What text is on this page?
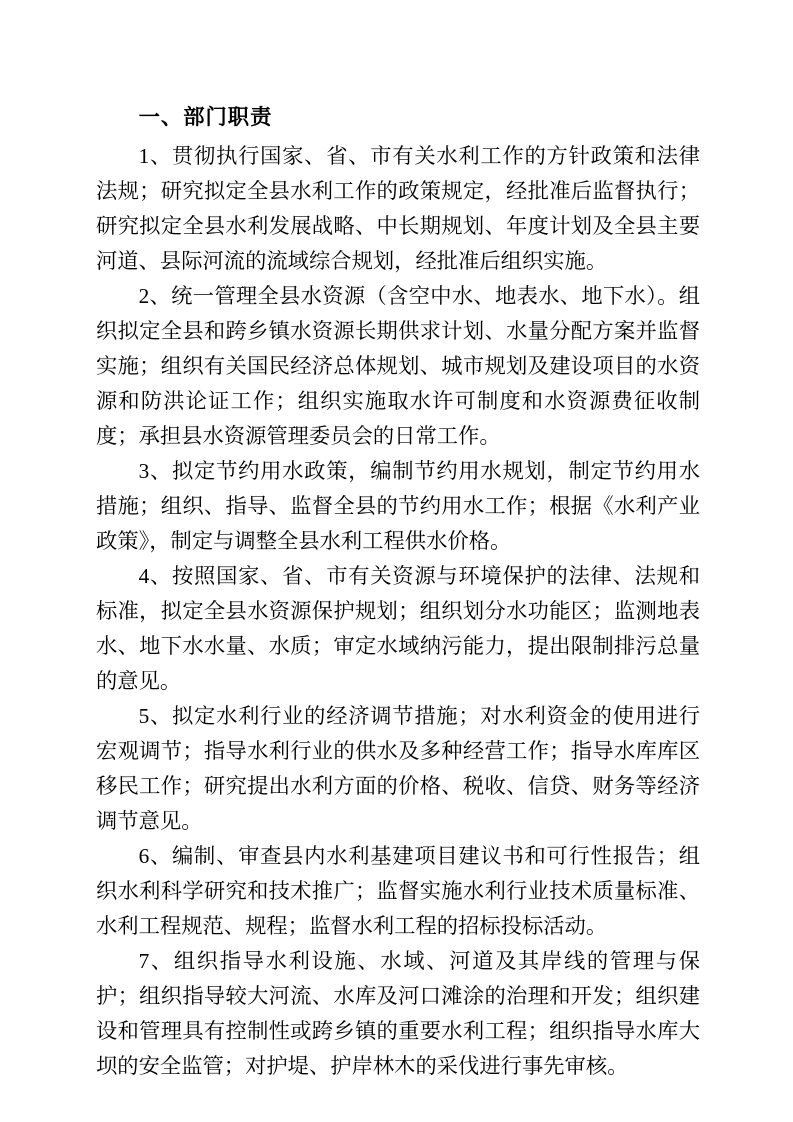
一、部门职责

1、贯彻执行国家、省、市有关水利工作的方针政策和法律法规；研究拟定全县水利工作的政策规定，经批准后监督执行；研究拟定全县水利发展战略、中长期规划、年度计划及全县主要河道、县际河流的流域综合规划，经批准后组织实施。

2、统一管理全县水资源（含空中水、地表水、地下水）。组织拟定全县和跨乡镇水资源长期供求计划、水量分配方案并监督实施；组织有关国民经济总体规划、城市规划及建设项目的水资源和防洪论证工作；组织实施取水许可制度和水资源费征收制度；承担县水资源管理委员会的日常工作。

3、拟定节约用水政策，编制节约用水规划，制定节约用水措施；组织、指导、监督全县的节约用水工作；根据《水利产业政策》，制定与调整全县水利工程供水价格。

4、按照国家、省、市有关资源与环境保护的法律、法规和标准，拟定全县水资源保护规划；组织划分水功能区；监测地表水、地下水水量、水质；审定水域纳污能力，提出限制排污总量的意见。

5、拟定水利行业的经济调节措施；对水利资金的使用进行宏观调节；指导水利行业的供水及多种经营工作；指导水库库区移民工作；研究提出水利方面的价格、税收、信贷、财务等经济调节意见。

6、编制、审查县内水利基建项目建议书和可行性报告；组织水利科学研究和技术推广；监督实施水利行业技术质量标准、水利工程规范、规程；监督水利工程的招标投标活动。

7、组织指导水利设施、水域、河道及其岸线的管理与保护；组织指导较大河流、水库及河口滩涂的治理和开发；组织建设和管理具有控制性或跨乡镇的重要水利工程；组织指导水库大坝的安全监管；对护堤、护岸林木的采伐进行事先审核。
